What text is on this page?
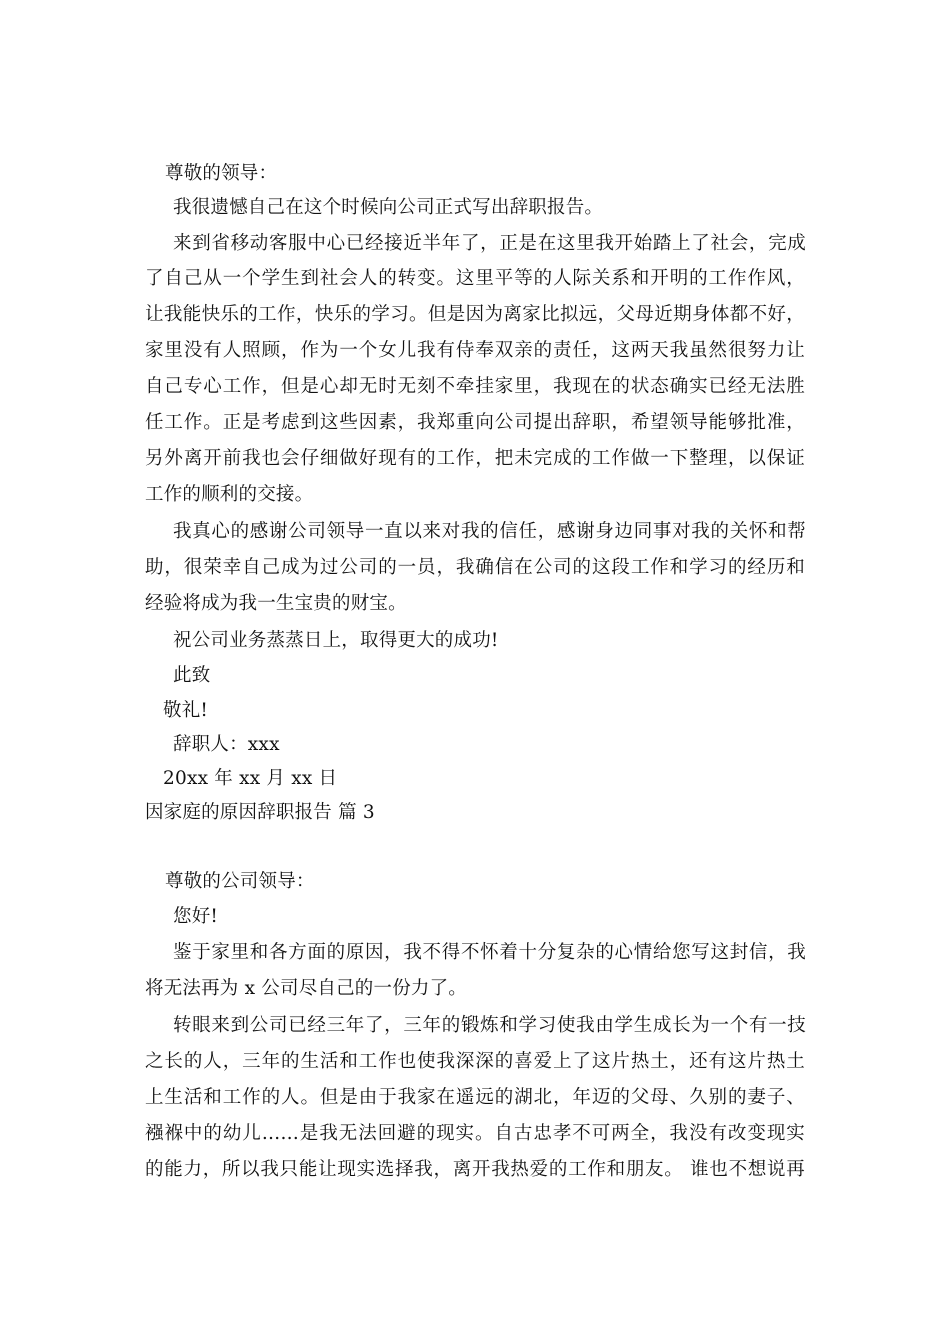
尊敬的领导：
我很遗憾自己在这个时候向公司正式写出辞职报告。
来到省移动客服中心已经接近半年了，正是在这里我开始踏上了社会，完成
了自己从一个学生到社会人的转变。这里平等的人际关系和开明的工作作风，
让我能快乐的工作，快乐的学习。但是因为离家比拟远，父母近期身体都不好，
家里没有人照顾，作为一个女儿我有侍奉双亲的责任，这两天我虽然很努力让
自己专心工作，但是心却无时无刻不牵挂家里，我现在的状态确实已经无法胜
任工作。正是考虑到这些因素，我郑重向公司提出辞职，希望领导能够批准，
另外离开前我也会仔细做好现有的工作，把未完成的工作做一下整理，以保证
工作的顺利的交接。
我真心的感谢公司领导一直以来对我的信任，感谢身边同事对我的关怀和帮
助，很荣幸自己成为过公司的一员，我确信在公司的这段工作和学习的经历和
经验将成为我一生宝贵的财宝。
祝公司业务蒸蒸日上，取得更大的成功!
此致
敬礼!
辞职人：xxx
20xx 年 xx 月 xx 日
因家庭的原因辞职报告 篇 3
尊敬的公司领导：
您好!
鉴于家里和各方面的原因，我不得不怀着十分复杂的心情给您写这封信，我
将无法再为 x 公司尽自己的一份力了。
转眼来到公司已经三年了，三年的锻炼和学习使我由学生成长为一个有一技
之长的人，三年的生活和工作也使我深深的喜爱上了这片热土，还有这片热土
上生活和工作的人。但是由于我家在遥远的湖北，年迈的父母、久别的妻子、
襁褓中的幼儿……是我无法回避的现实。自古忠孝不可两全，我没有改变现实
的能力，所以我只能让现实选择我，离开我热爱的工作和朋友。 谁也不想说再
